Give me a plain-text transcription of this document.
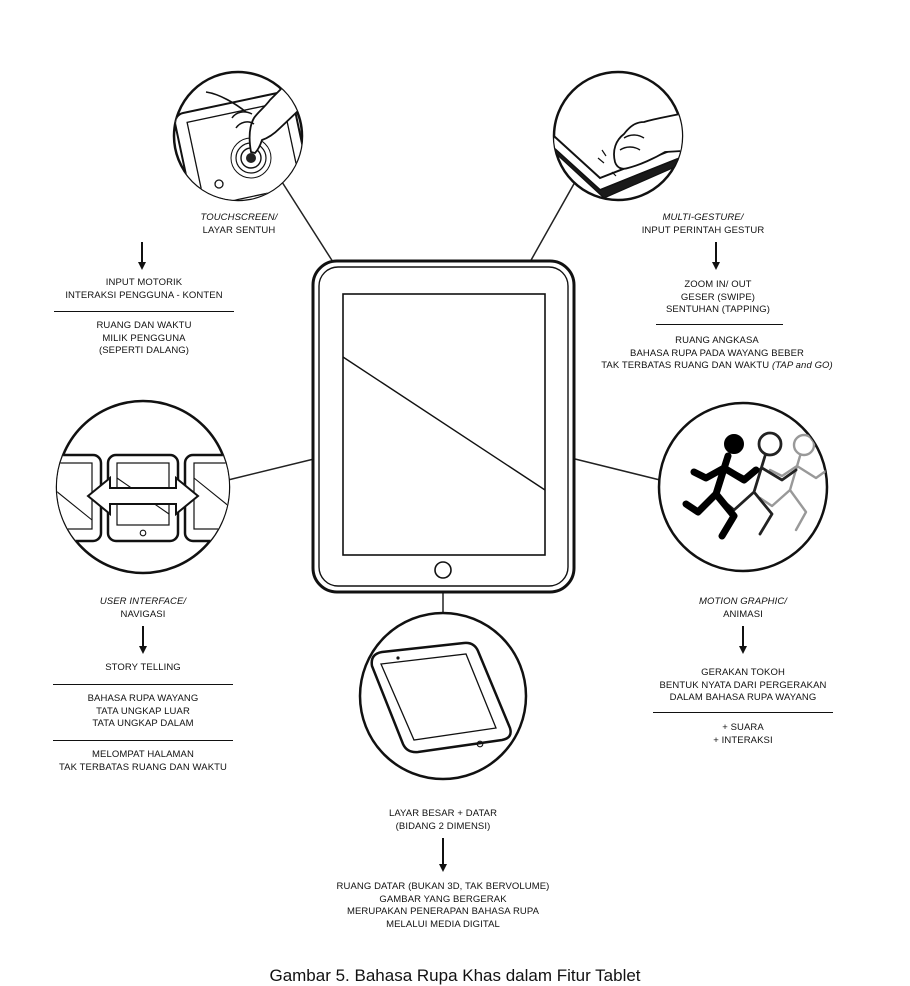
TOUCHSCREEN/
LAYAR SENTUH
INPUT MOTORIK
INTERAKSI PENGGUNA - KONTEN
RUANG DAN WAKTU
MILIK PENGGUNA
(SEPERTI DALANG)
MULTI-GESTURE/
INPUT PERINTAH GESTUR
ZOOM IN/ OUT
GESER (SWIPE)
SENTUHAN (TAPPING)
RUANG ANGKASA
BAHASA RUPA PADA WAYANG BEBER
TAK TERBATAS RUANG DAN WAKTU (TAP and GO)
USER INTERFACE/
NAVIGASI
STORY TELLING
BAHASA RUPA WAYANG
TATA UNGKAP LUAR
TATA UNGKAP DALAM
MELOMPAT HALAMAN
TAK TERBATAS RUANG DAN WAKTU
MOTION GRAPHIC/
ANIMASI
GERAKAN TOKOH
BENTUK NYATA DARI PERGERAKAN
DALAM BAHASA RUPA WAYANG
+ SUARA
+ INTERAKSI
LAYAR BESAR + DATAR
(BIDANG 2 DIMENSI)
RUANG DATAR (BUKAN 3D, TAK BERVOLUME)
GAMBAR YANG BERGERAK
MERUPAKAN PENERAPAN BAHASA RUPA
MELALUI MEDIA DIGITAL
Gambar 5. Bahasa Rupa Khas dalam Fitur Tablet
